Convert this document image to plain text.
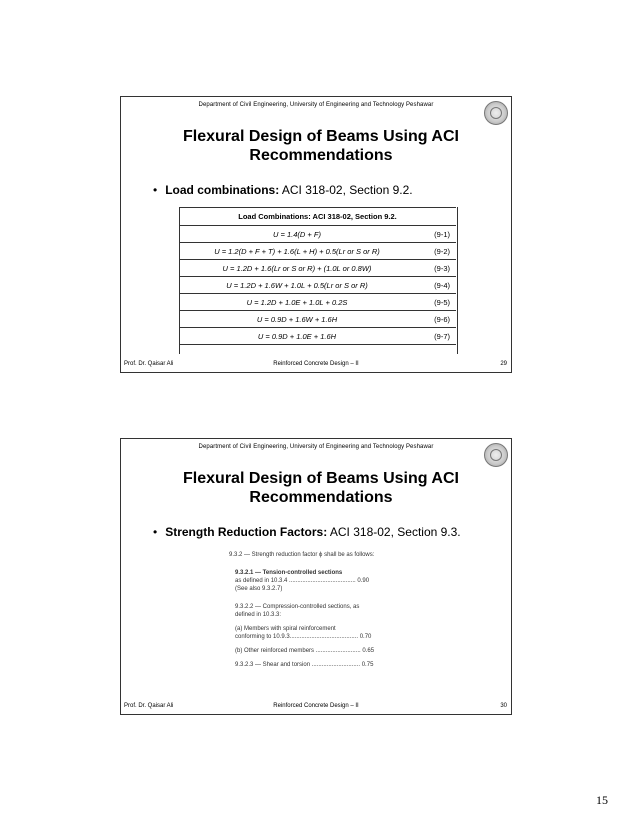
Department of Civil Engineering, University of Engineering and Technology Peshawar
Flexural Design of Beams Using ACI
Recommendations
• Load combinations: ACI 318-02, Section 9.2.
Load Combinations: ACI 318-02, Section 9.2.	
U = 1.4(D + F)	(9-1)
U = 1.2(D + F + T) + 1.6(L + H) + 0.5(Lr or S or R)	(9-2)
U = 1.2D + 1.6(Lr or S or R) + (1.0L or 0.8W)	(9-3)
U = 1.2D + 1.6W + 1.0L + 0.5(Lr or S or R)	(9-4)
U = 1.2D + 1.0E + 1.0L + 0.2S	(9-5)
U = 0.9D + 1.6W + 1.6H	(9-6)
U = 0.9D + 1.0E + 1.6H	(9-7)
Prof. Dr. Qaisar Ali	Reinforced Concrete Design – II	29
Department of Civil Engineering, University of Engineering and Technology Peshawar
Flexural Design of Beams Using ACI
Recommendations
• Strength Reduction Factors: ACI 318-02, Section 9.3.
9.3.2 — Strength reduction factor ϕ shall be as follows:
9.3.2.1 — Tension-controlled sections
as defined in 10.3.4 ........................................ 0.90
(See also 9.3.2.7)
9.3.2.2 — Compression-controlled sections, as
defined in 10.3.3:
(a) Members with spiral reinforcement
conforming to 10.9.3......................................... 0.70
(b) Other reinforced members ........................... 0.65
9.3.2.3 — Shear and torsion ............................. 0.75
Prof. Dr. Qaisar Ali	Reinforced Concrete Design – II	30
15
